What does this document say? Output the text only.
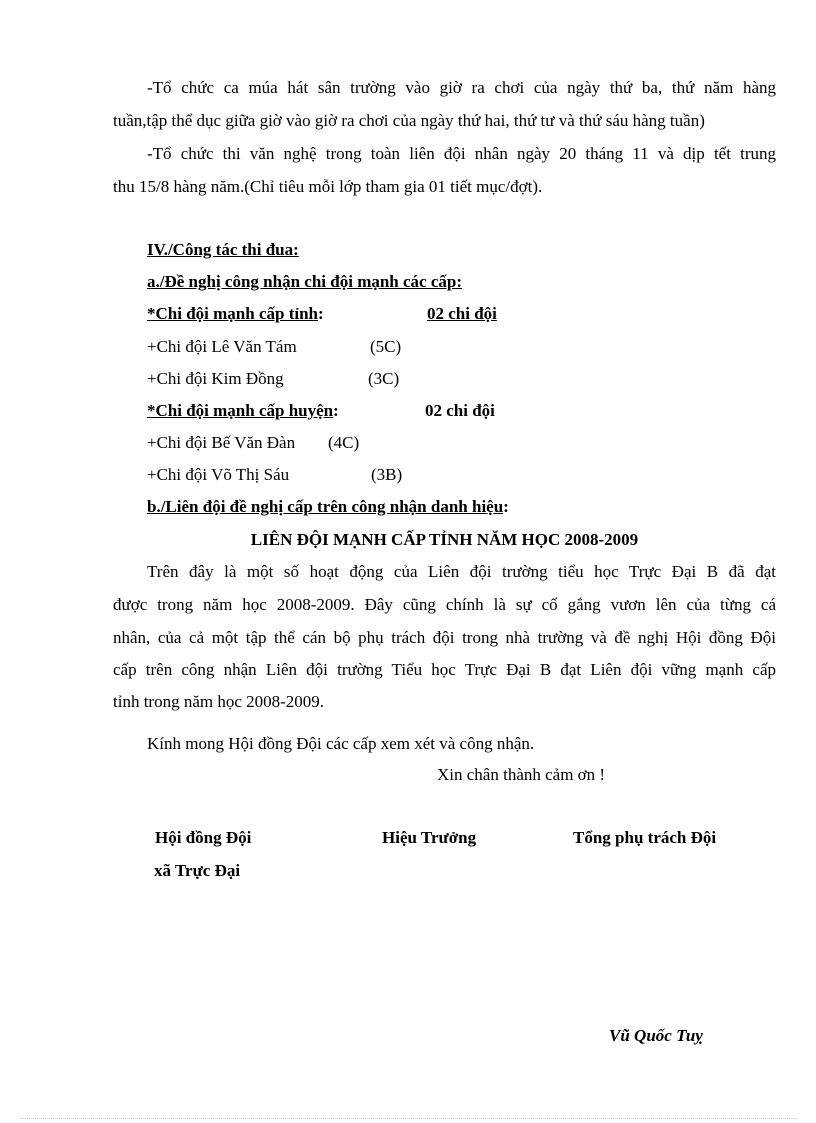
-Tổ chức ca múa hát sân trường vào giờ ra chơi của ngày thứ ba, thứ năm hàng
tuần,tập thể dục giữa giờ vào giờ ra chơi của ngày thứ hai, thứ tư và thứ sáu hàng tuần)
-Tổ chức thi văn nghệ trong toàn liên đội nhân ngày 20 tháng 11 và dịp tết trung
thu 15/8 hàng năm.(Chỉ tiêu mỗi lớp tham gia 01 tiết mục/đợt).
IV./Công tác thi đua:
a./Đề nghị công nhận chi đội mạnh các cấp:
*Chi đội mạnh cấp tỉnh:	02 chi đội
+Chi đội Lê Văn Tám	(5C)
+Chi đội Kim Đồng	(3C)
*Chi đội mạnh cấp huyện:	02 chi đội
+Chi đội Bế Văn Đàn (4C)
+Chi đội Võ Thị Sáu	(3B)
b./Liên đội đề nghị cấp trên công nhận danh hiệu:
LIÊN ĐỘI MẠNH CẤP TỈNH NĂM HỌC 2008-2009
Trên đây là một số hoạt động của Liên đội trường tiểu học Trực Đại B đã đạt
được trong năm học 2008-2009. Đây cũng chính là sự cố gắng vươn lên của từng cá
nhân, của cả một tập thể cán bộ phụ trách đội trong nhà trường và đề nghị Hội đồng Đội
cấp trên công nhận Liên đội trường Tiểu học Trực Đại B đạt Liên đội vững mạnh cấp
tỉnh trong năm học 2008-2009.
Kính mong Hội đồng Đội các cấp xem xét và công nhận.
Xin chân thành cảm ơn !
Hội đồng Đội
xã Trực Đại
Hiệu Trưởng	Tổng phụ trách Đội
Vũ Quốc Tuỵ
